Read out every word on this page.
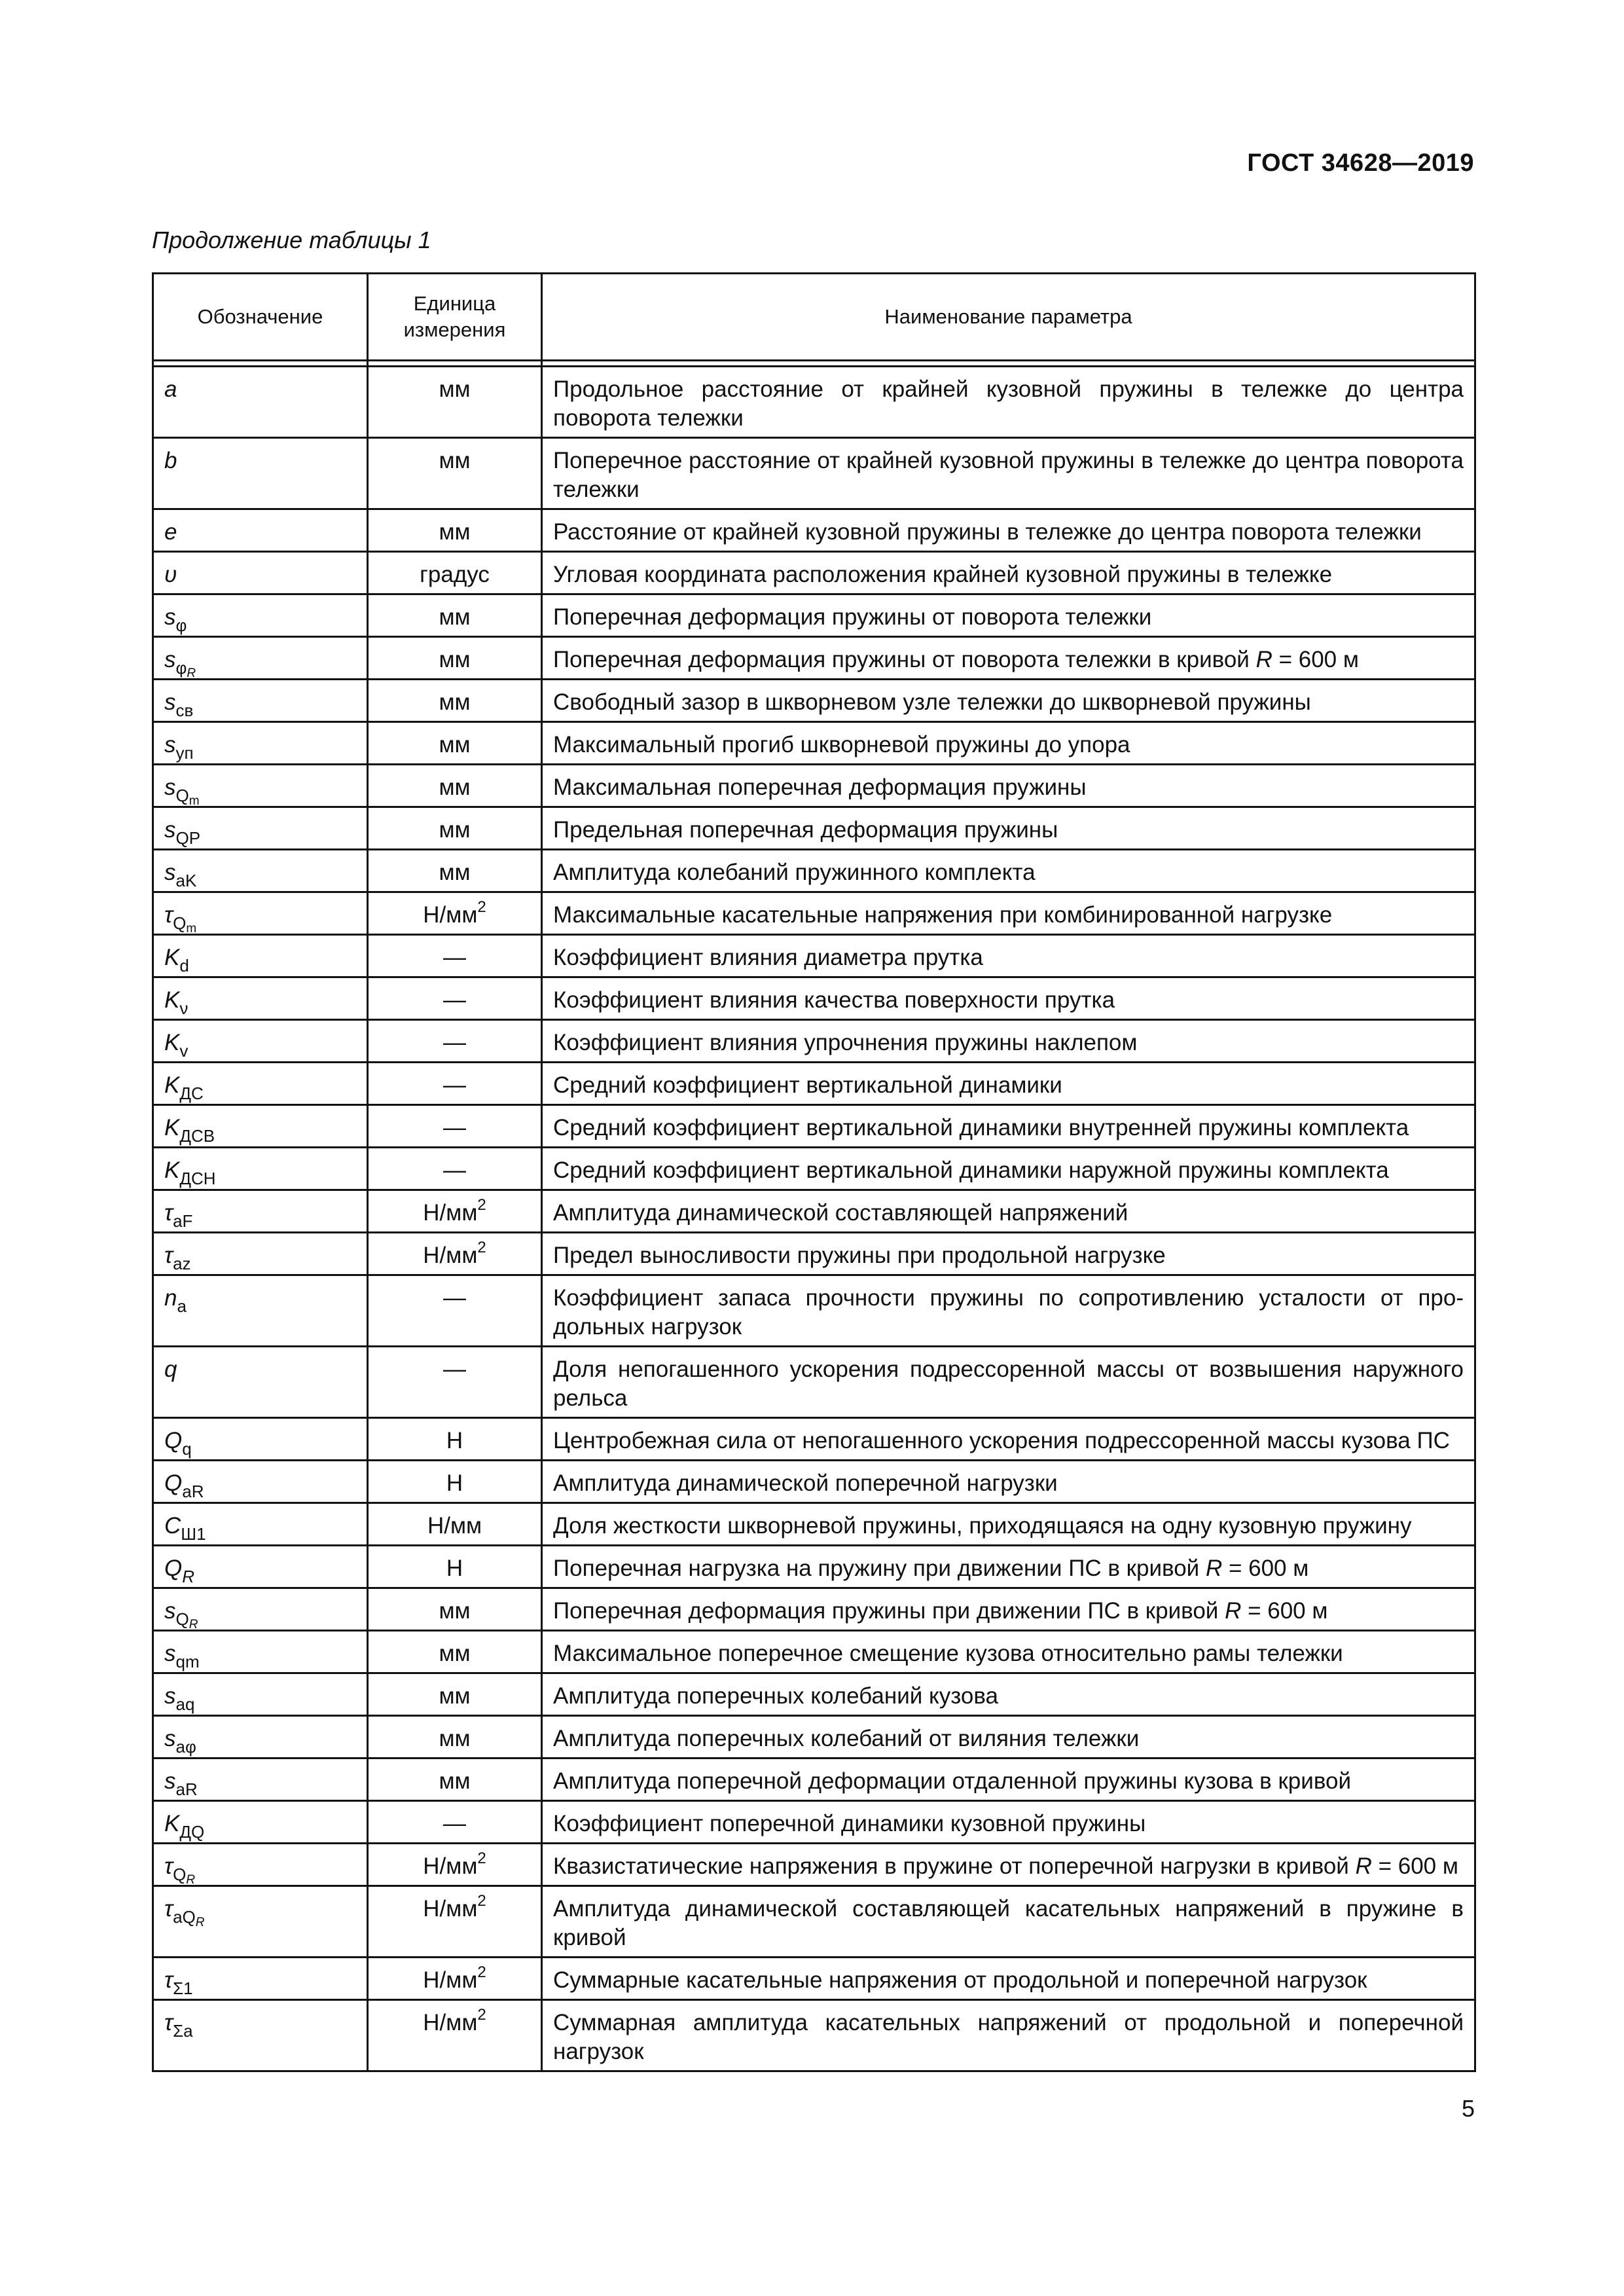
ГОСТ 34628—2019
Продолжение таблицы 1
Обозначение	Единица измерения	Наименование параметра

a	мм	Продольное расстояние от крайней кузовной пружины в тележке до центра поворота тележки
b	мм	Поперечное расстояние от крайней кузовной пружины в тележке до центра поворота тележки
e	мм	Расстояние от крайней кузовной пружины в тележке до центра поворота тележки
υ	градус	Угловая координата расположения крайней кузовной пружины в тележке
$s_\varphi$	мм	Поперечная деформация пружины от поворота тележки
$s_{\varphi R}$	мм	Поперечная деформация пружины от поворота тележки в кривой R = 600 м
$s_{св}$	мм	Свободный зазор в шкворневом узле тележки до шкворневой пружины
$s_{уп}$	мм	Максимальный прогиб шкворневой пружины до упора
$s_{Qm}$	мм	Максимальная поперечная деформация пружины
$s_{QP}$	мм	Предельная поперечная деформация пружины
$s_{aK}$	мм	Амплитуда колебаний пружинного комплекта
$\tau_{Qm}$	$Н/мм^2$	Максимальные касательные напряжения при комбинированной нагрузке
$K_d$	—	Коэффициент влияния диаметра прутка
$K_\nu$	—	Коэффициент влияния качества поверхности прутка
$K_v$	—	Коэффициент влияния упрочнения пружины наклепом
$K_{ДС}$	—	Средний коэффициент вертикальной динамики
$K_{ДСВ}$	—	Средний коэффициент вертикальной динамики внутренней пружины комплекта
$K_{ДСН}$	—	Средний коэффициент вертикальной динамики наружной пружины комплекта
$\tau_{aF}$	$Н/мм^2$	Амплитуда динамической составляющей напряжений
$\tau_{az}$	$Н/мм^2$	Предел выносливости пружины при продольной нагрузке
$n_a$	—	Коэффициент запаса прочности пружины по сопротивлению усталости от продольных нагрузок
q	—	Доля непогашенного ускорения подрессоренной массы от возвышения наружного рельса
$Q_q$	Н	Центробежная сила от непогашенного ускорения подрессоренной массы кузова ПС
$Q_{aR}$	Н	Амплитуда динамической поперечной нагрузки
$C_{Ш1}$	Н/мм	Доля жесткости шкворневой пружины, приходящаяся на одну кузовную пружину
$Q_R$	Н	Поперечная нагрузка на пружину при движении ПС в кривой R = 600 м
$s_{QR}$	мм	Поперечная деформация пружины при движении ПС в кривой R = 600 м
$s_{qm}$	мм	Максимальное поперечное смещение кузова относительно рамы тележки
$s_{aq}$	мм	Амплитуда поперечных колебаний кузова
$s_{a\varphi}$	мм	Амплитуда поперечных колебаний от виляния тележки
$s_{aR}$	мм	Амплитуда поперечной деформации отдаленной пружины кузова в кривой
$K_{ДQ}$	—	Коэффициент поперечной динамики кузовной пружины
$\tau_{QR}$	$Н/мм^2$	Квазистатические напряжения в пружине от поперечной нагрузки в кривой R = 600 м
$\tau_{aQR}$	$Н/мм^2$	Амплитуда динамической составляющей касательных напряжений в пружине в кривой
$\tau_{\Sigma 1}$	$Н/мм^2$	Суммарные касательные напряжения от продольной и поперечной нагрузок
$\tau_{\Sigma a}$	$Н/мм^2$	Суммарная амплитуда касательных напряжений от продольной и поперечной нагрузок
5
